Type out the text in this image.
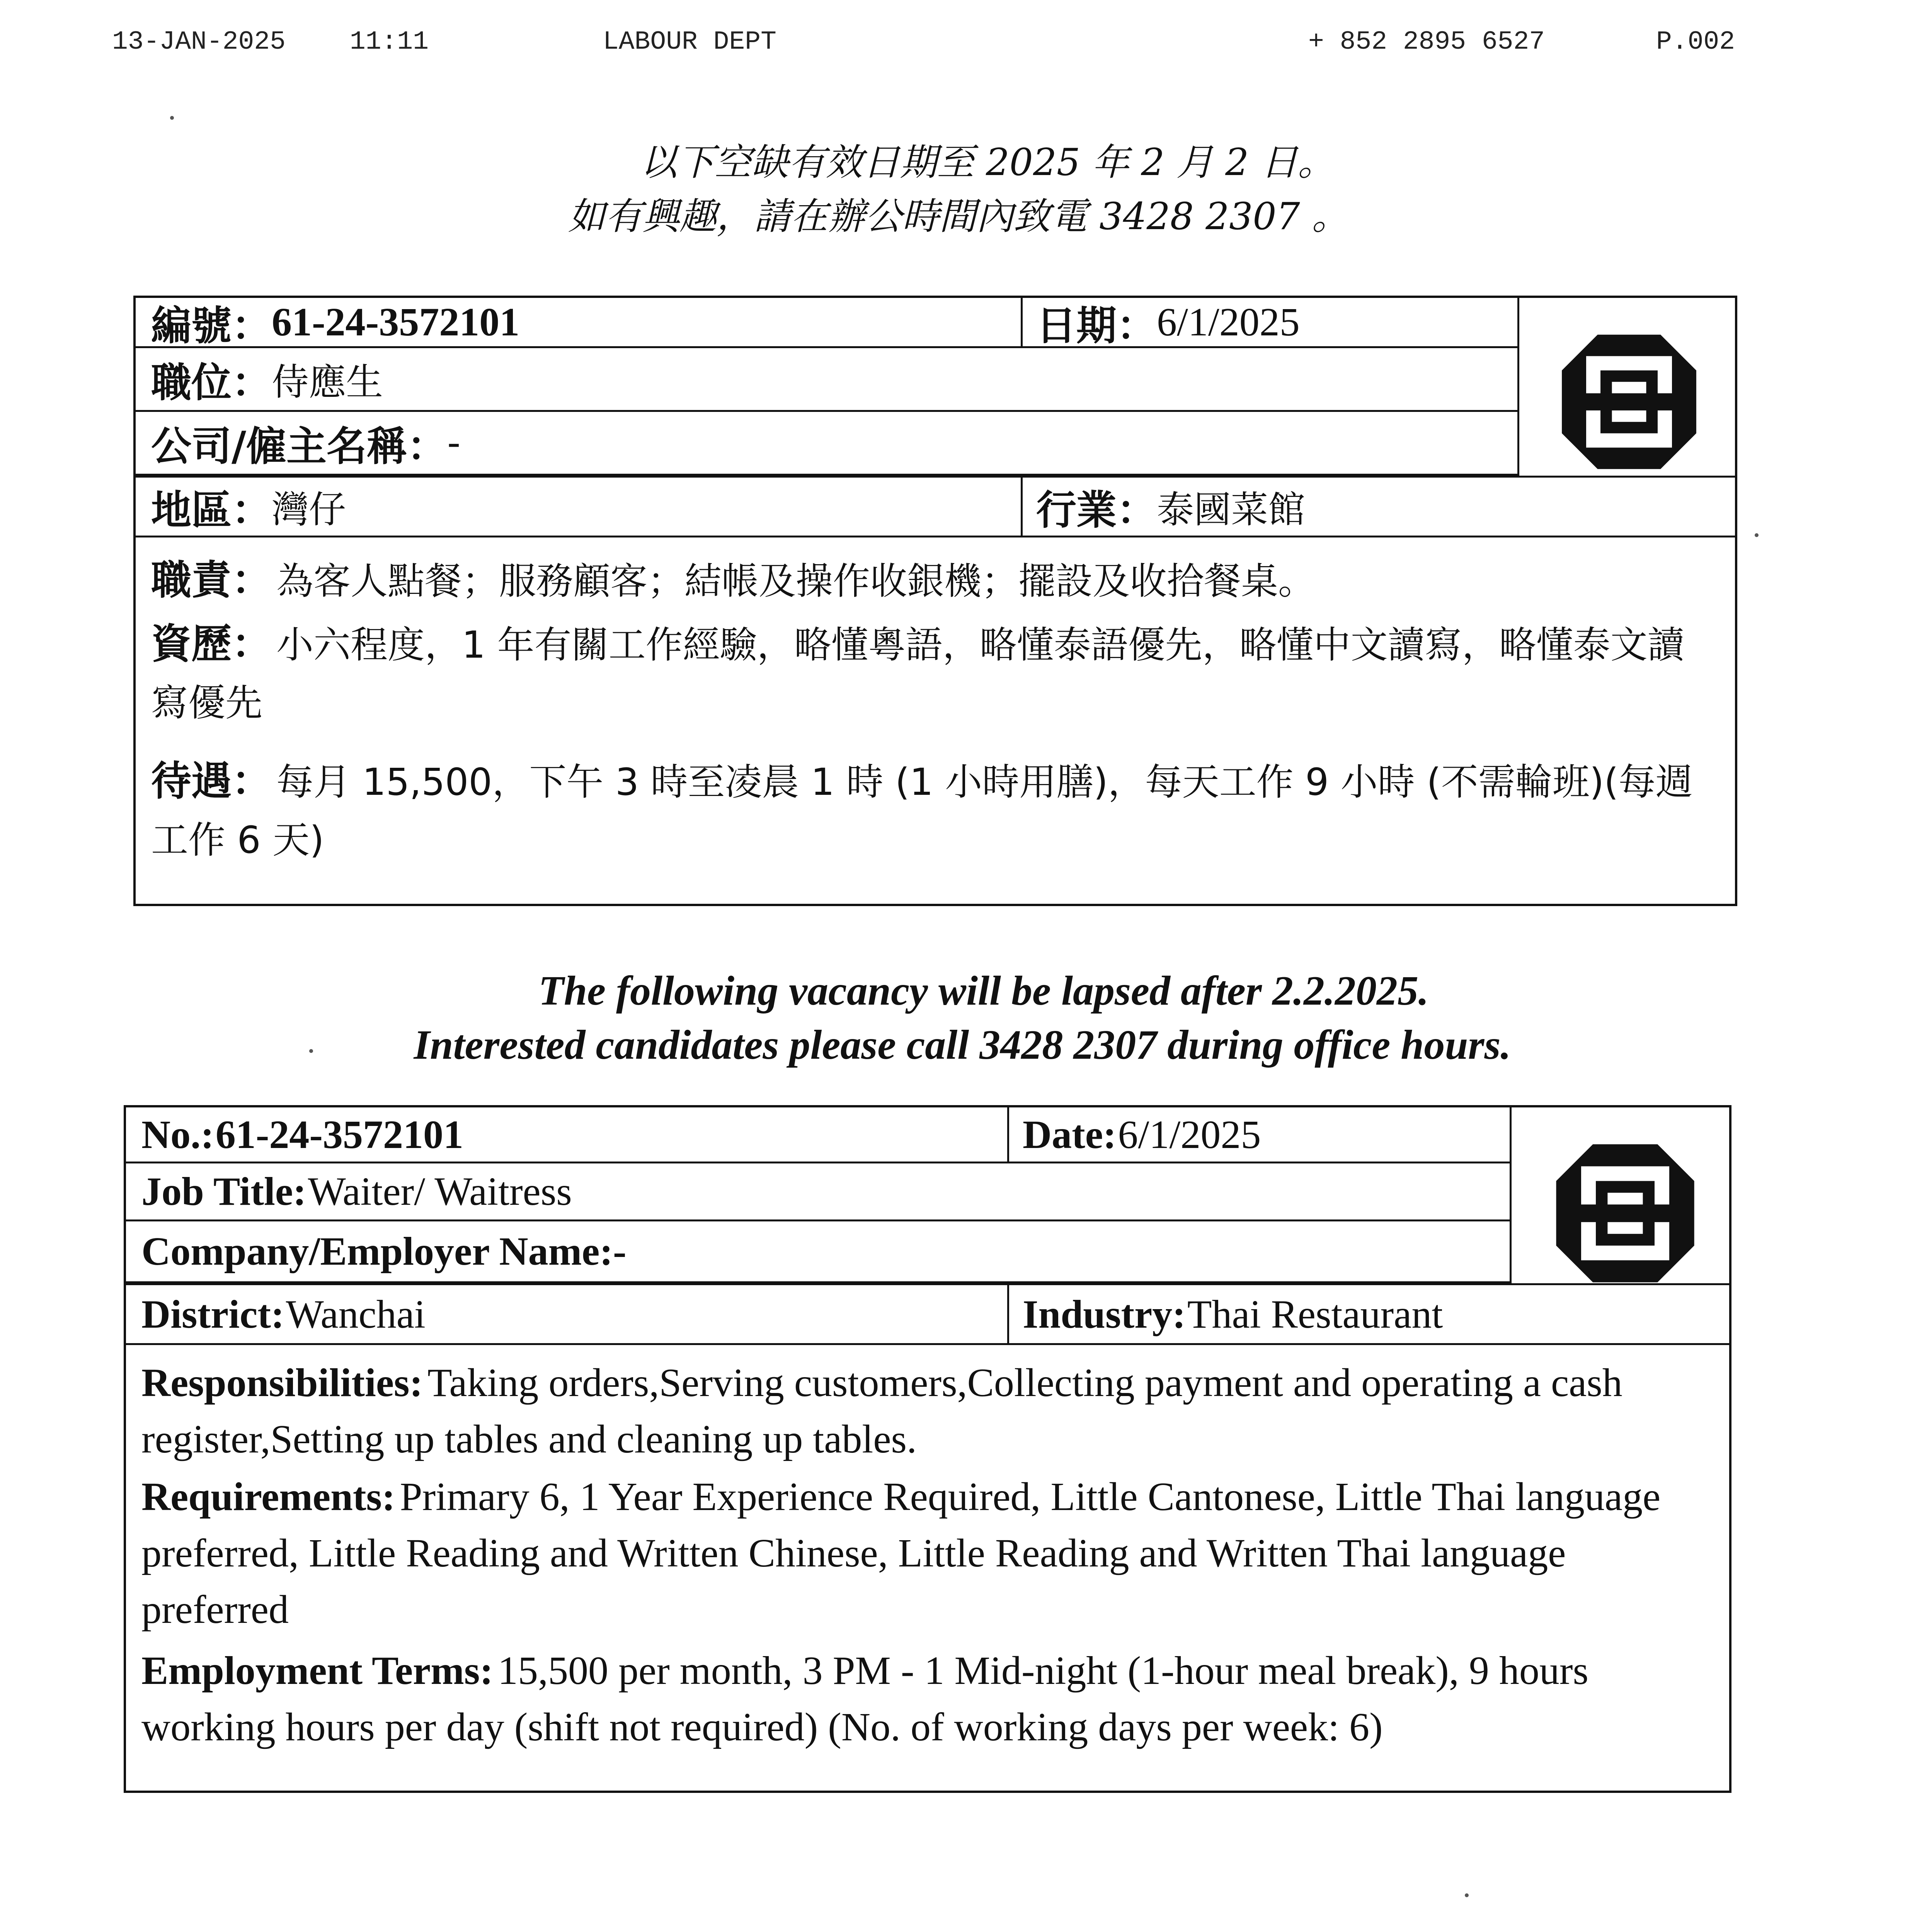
13-JAN-2025 11:11	LABOUR DEPT	+ 852 2895 6527	P.002
以下空缺有效日期至 2025 年 2 月 2 日。
如有興趣，請在辦公時間內致電 3428 2307 。
編號： 61-24-3572101	日期： 6/1/2025
職位： 侍應生
公司/僱主名稱： -
地區： 灣仔	行業： 泰國菜館
職責： 為客人點餐；服務顧客；結帳及操作收銀機；擺設及收拾餐桌。
資歷： 小六程度，1 年有關工作經驗，略懂粵語，略懂泰語優先，略懂中文讀寫，略懂泰文讀寫優先
待遇： 每月 15,500，下午 3 時至凌晨 1 時 (1 小時用膳)，每天工作 9 小時 (不需輪班)(每週工作 6 天)
The following vacancy will be lapsed after 2.2.2025.
Interested candidates please call 3428 2307 during office hours.
No.:
61-24-3572101	Date:
6/1/2025
Job Title:
Waiter/ Waitress
Company/Employer Name: -
District:
Wanchai	Industry:
Thai Restaurant
Responsibilities: Taking orders,Serving customers,Collecting payment and operating a cash register,Setting up tables and cleaning up tables.
Requirements: Primary 6, 1 Year Experience Required, Little Cantonese, Little Thai language preferred, Little Reading and Written Chinese, Little Reading and Written Thai language preferred
Employment Terms: 15,500 per month, 3 PM - 1 Mid-night (1-hour meal break), 9 hours working hours per day (shift not required) (No. of working days per week: 6)
